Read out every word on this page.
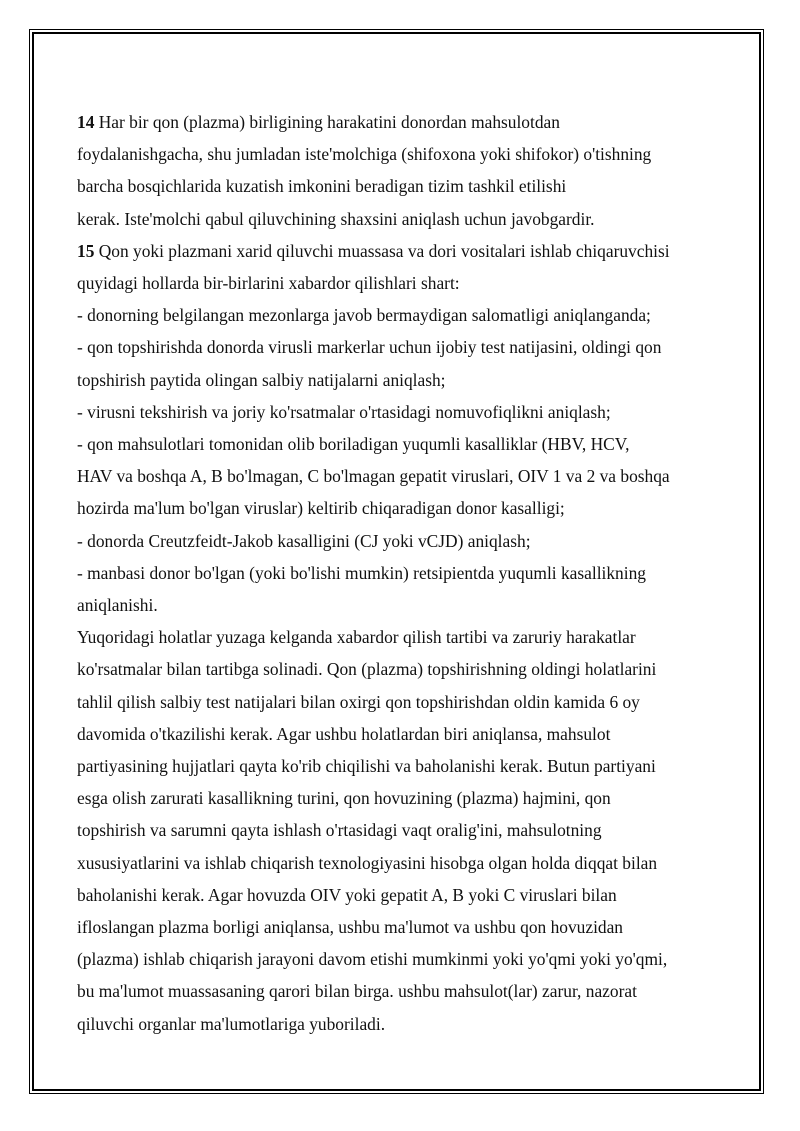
14 Har bir qon (plazma) birligining harakatini donordan mahsulotdan
foydalanishgacha, shu jumladan iste'molchiga (shifoxona yoki shifokor) o'tishning
barcha bosqichlarida kuzatish imkonini beradigan tizim tashkil etilishi
kerak. Iste'molchi qabul qiluvchining shaxsini aniqlash uchun javobgardir.
15 Qon yoki plazmani xarid qiluvchi muassasa va dori vositalari ishlab chiqaruvchisi
quyidagi hollarda bir-birlarini xabardor qilishlari shart:
- donorning belgilangan mezonlarga javob bermaydigan salomatligi aniqlanganda;
- qon topshirishda donorda virusli markerlar uchun ijobiy test natijasini, oldingi qon
topshirish paytida olingan salbiy natijalarni aniqlash;
- virusni tekshirish va joriy ko'rsatmalar o'rtasidagi nomuvofiqlikni aniqlash;
- qon mahsulotlari tomonidan olib boriladigan yuqumli kasalliklar (HBV, HCV,
HAV va boshqa A, B bo'lmagan, C bo'lmagan gepatit viruslari, OIV 1 va 2 va boshqa
hozirda ma'lum bo'lgan viruslar) keltirib chiqaradigan donor kasalligi;
- donorda Creutzfeidt-Jakob kasalligini (CJ yoki vCJD) aniqlash;
- manbasi donor bo'lgan (yoki bo'lishi mumkin) retsipientda yuqumli kasallikning
aniqlanishi.
Yuqoridagi holatlar yuzaga kelganda xabardor qilish tartibi va zaruriy harakatlar
ko'rsatmalar bilan tartibga solinadi. Qon (plazma) topshirishning oldingi holatlarini
tahlil qilish salbiy test natijalari bilan oxirgi qon topshirishdan oldin kamida 6 oy
davomida o'tkazilishi kerak. Agar ushbu holatlardan biri aniqlansa, mahsulot
partiyasining hujjatlari qayta ko'rib chiqilishi va baholanishi kerak. Butun partiyani
esga olish zarurati kasallikning turini, qon hovuzining (plazma) hajmini, qon
topshirish va sarumni qayta ishlash o'rtasidagi vaqt oralig'ini, mahsulotning
xususiyatlarini va ishlab chiqarish texnologiyasini hisobga olgan holda diqqat bilan
baholanishi kerak. Agar hovuzda OIV yoki gepatit A, B yoki C viruslari bilan
ifloslangan plazma borligi aniqlansa, ushbu ma'lumot va ushbu qon hovuzidan
(plazma) ishlab chiqarish jarayoni davom etishi mumkinmi yoki yo'qmi yoki yo'qmi,
bu ma'lumot muassasaning qarori bilan birga. ushbu mahsulot(lar) zarur, nazorat
qiluvchi organlar ma'lumotlariga yuboriladi.
